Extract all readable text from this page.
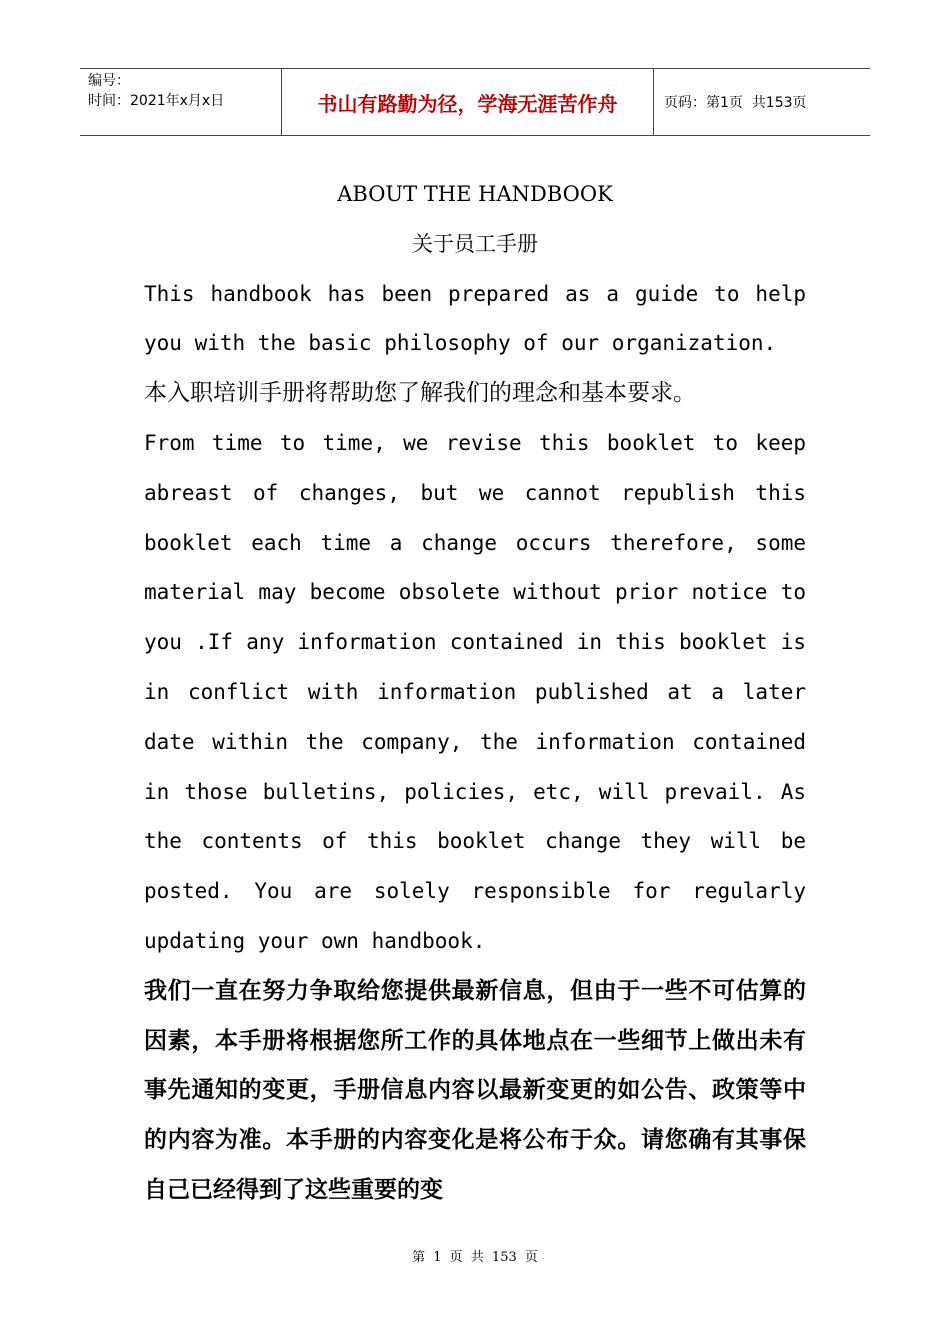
编号：
时间：2021年x月x日	书山有路勤为径，学海无涯苦作舟	页码：第1页  共153页
ABOUT THE HANDBOOK
关于员工手册
This handbook has been prepared as a guide to help you with the basic philosophy of our organization.
本入职培训手册将帮助您了解我们的理念和基本要求。
From time to time, we revise this booklet to keep abreast of changes, but we cannot republish this booklet each time a change occurs therefore, some material may become obsolete without prior notice to you .If any information contained in this booklet is in conflict with information published at a later date within the company, the information contained in those bulletins, policies, etc, will prevail. As the contents of this booklet change they will be posted. You are solely responsible for regularly updating your own handbook.
我们一直在努力争取给您提供最新信息，但由于一些不可估算的因素，本手册将根据您所工作的具体地点在一些细节上做出未有事先通知的变更，手册信息内容以最新变更的如公告、政策等中的内容为准。本手册的内容变化是将公布于众。请您确有其事保自己已经得到了这些重要的变
第 1 页 共 153 页
